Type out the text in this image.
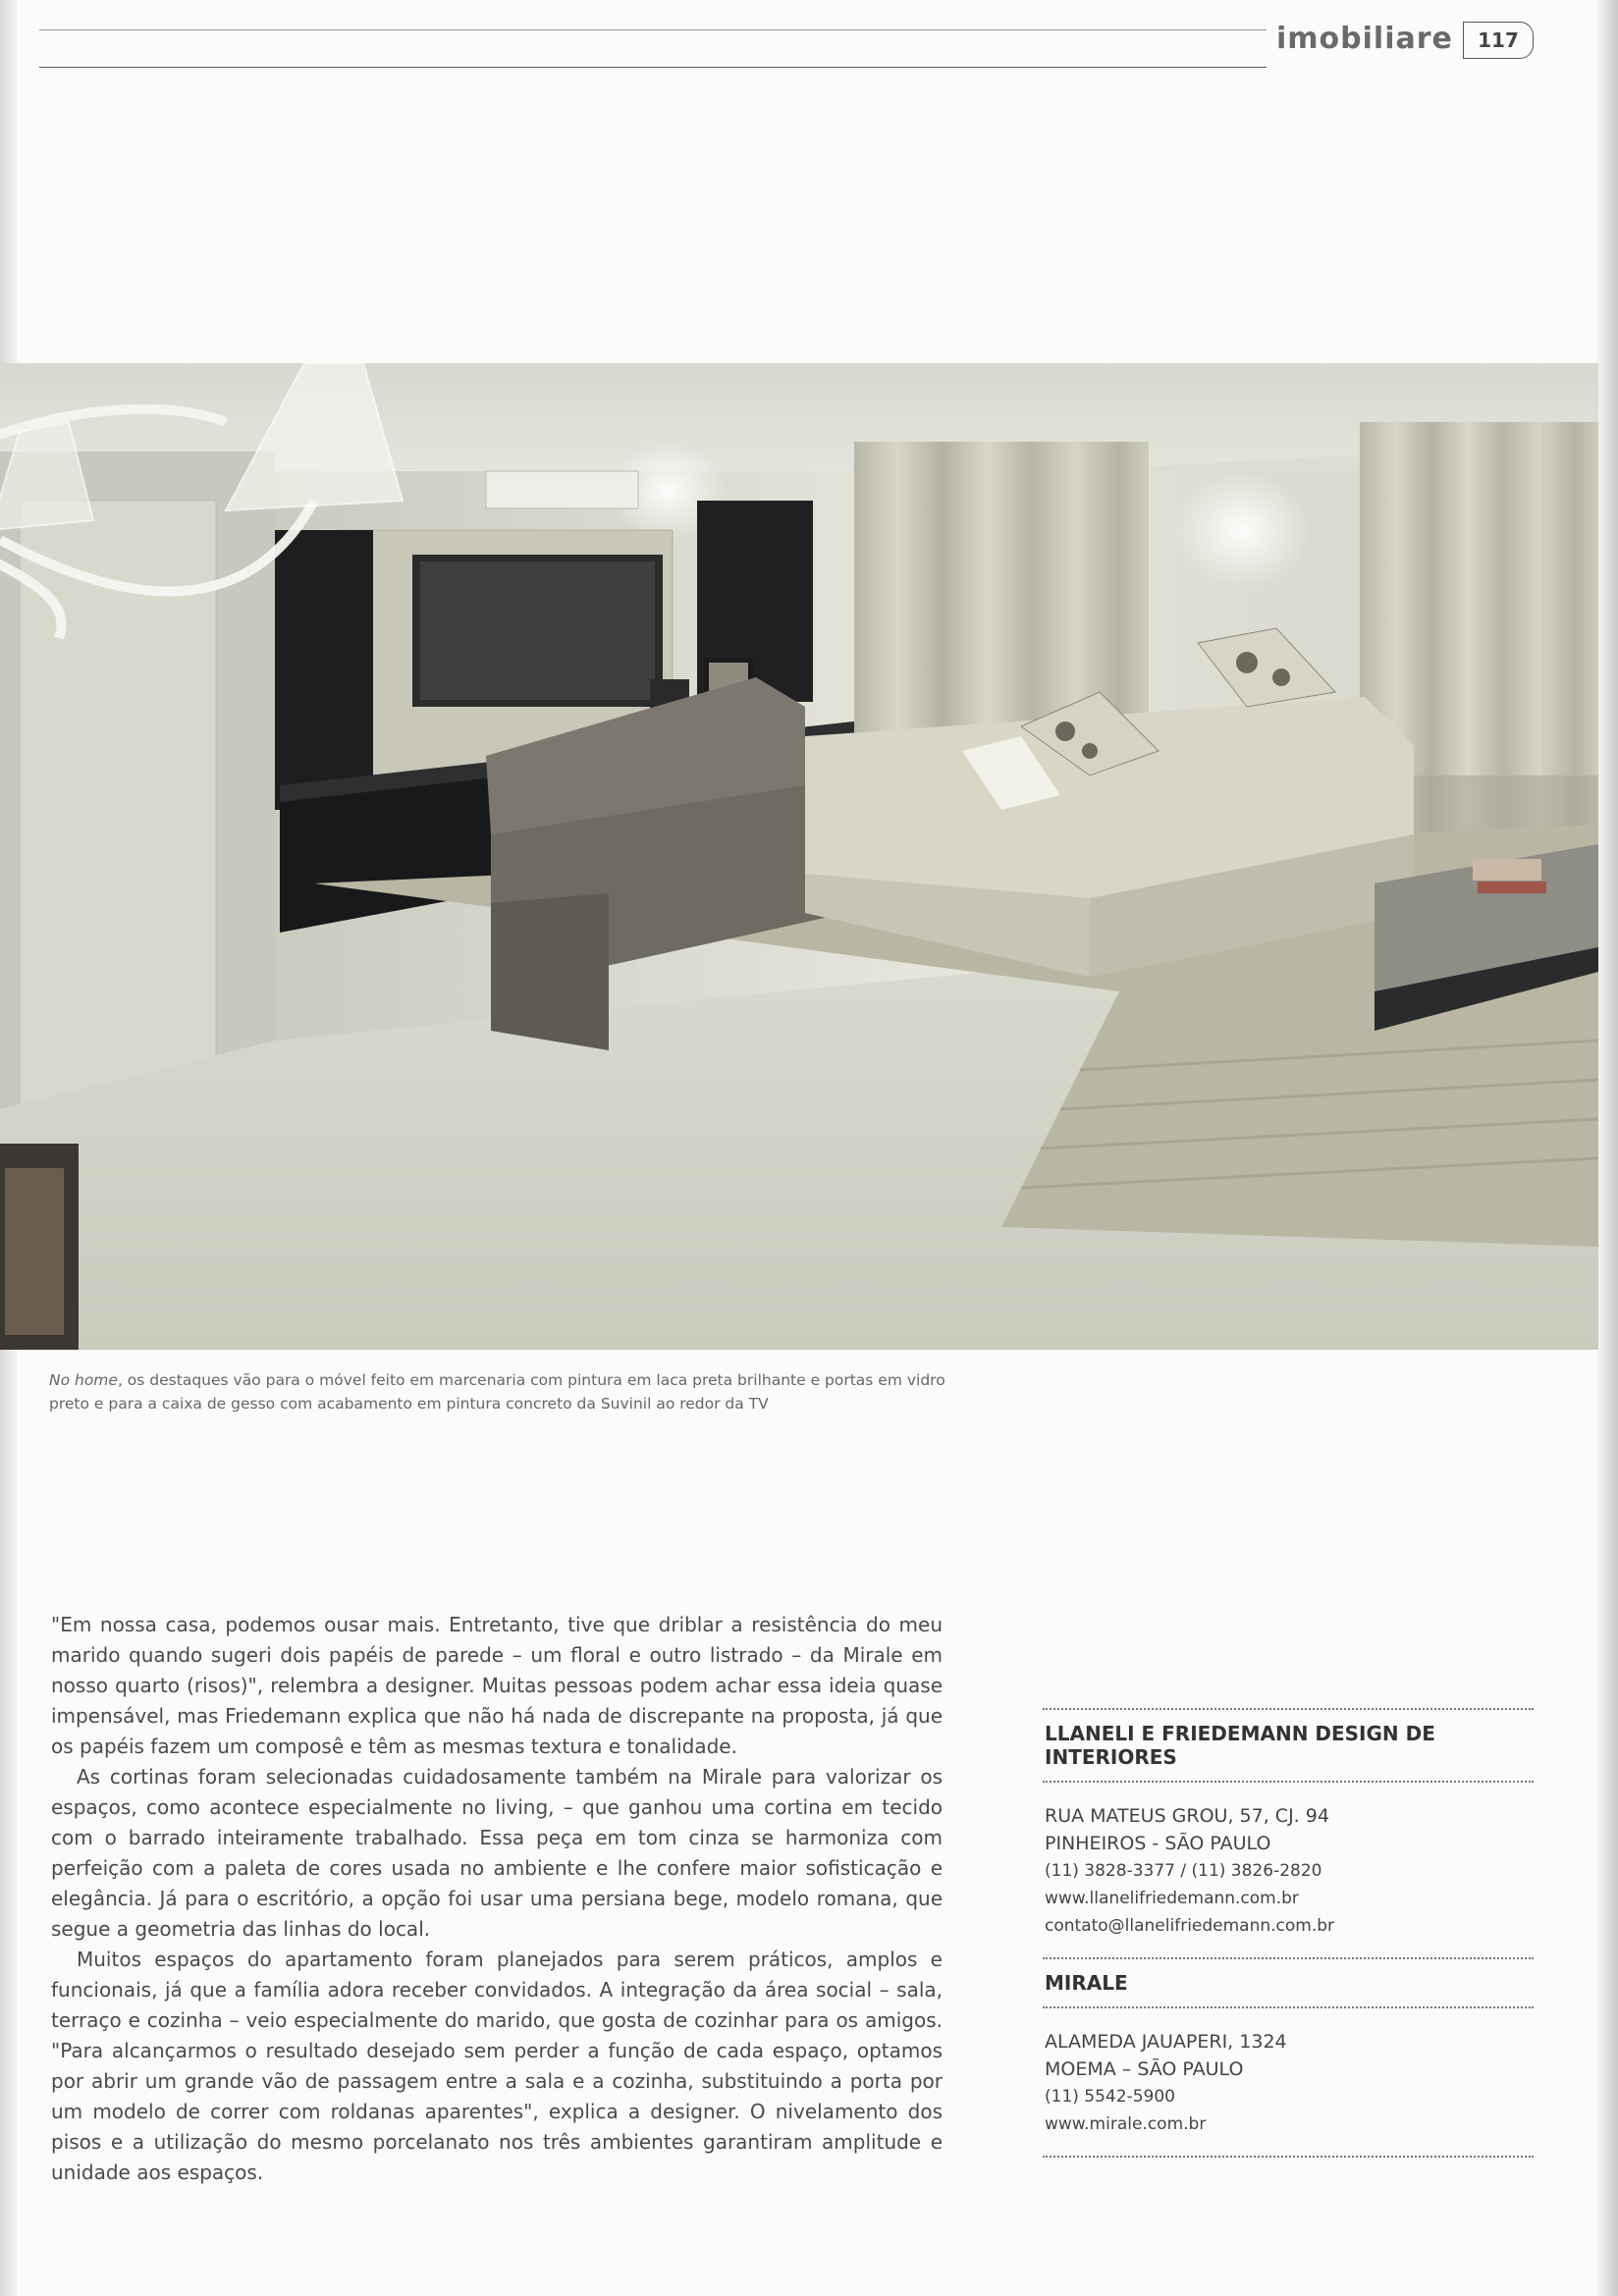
imobiliare	117
No home, os destaques vão para o móvel feito em marcenaria com pintura em laca preta brilhante e portas em vidro preto e para a caixa de gesso com acabamento em pintura concreto da Suvinil ao redor da TV

"Em nossa casa, podemos ousar mais. Entretanto, tive que driblar a resistência do meu marido quando sugeri dois papéis de parede – um floral e outro listrado – da Mirale em nosso quarto (risos)", relembra a designer. Muitas pessoas podem achar essa ideia quase impensável, mas Friedemann explica que não há nada de discrepante na proposta, já que os papéis fazem um composê e têm as mesmas textura e tonalidade.

As cortinas foram selecionadas cuidadosamente também na Mirale para valorizar os espaços, como acontece especialmente no living, – que ganhou uma cortina em tecido com o barrado inteiramente trabalhado. Essa peça em tom cinza se harmoniza com perfeição com a paleta de cores usada no ambiente e lhe confere maior sofisticação e elegância. Já para o escritório, a opção foi usar uma persiana bege, modelo romana, que segue a geometria das linhas do local.

Muitos espaços do apartamento foram planejados para serem práticos, amplos e funcionais, já que a família adora receber convidados. A integração da área social – sala, terraço e cozinha – veio especialmente do marido, que gosta de cozinhar para os amigos. "Para alcançarmos o resultado desejado sem perder a função de cada espaço, optamos por abrir um grande vão de passagem entre a sala e a cozinha, substituindo a porta por um modelo de correr com roldanas aparentes", explica a designer. O nivelamento dos pisos e a utilização do mesmo porcelanato nos três ambientes garantiram amplitude e unidade aos espaços.

LLANELI E FRIEDEMANN DESIGN DE INTERIORES
RUA MATEUS GROU, 57, CJ. 94
PINHEIROS - SÃO PAULO
(11) 3828-3377 / (11) 3826-2820
www.llanelifriedemann.com.br
contato@llanelifriedemann.com.br
MIRALE
ALAMEDA JAUAPERI, 1324
MOEMA – SÃO PAULO
(11) 5542-5900
www.mirale.com.br
